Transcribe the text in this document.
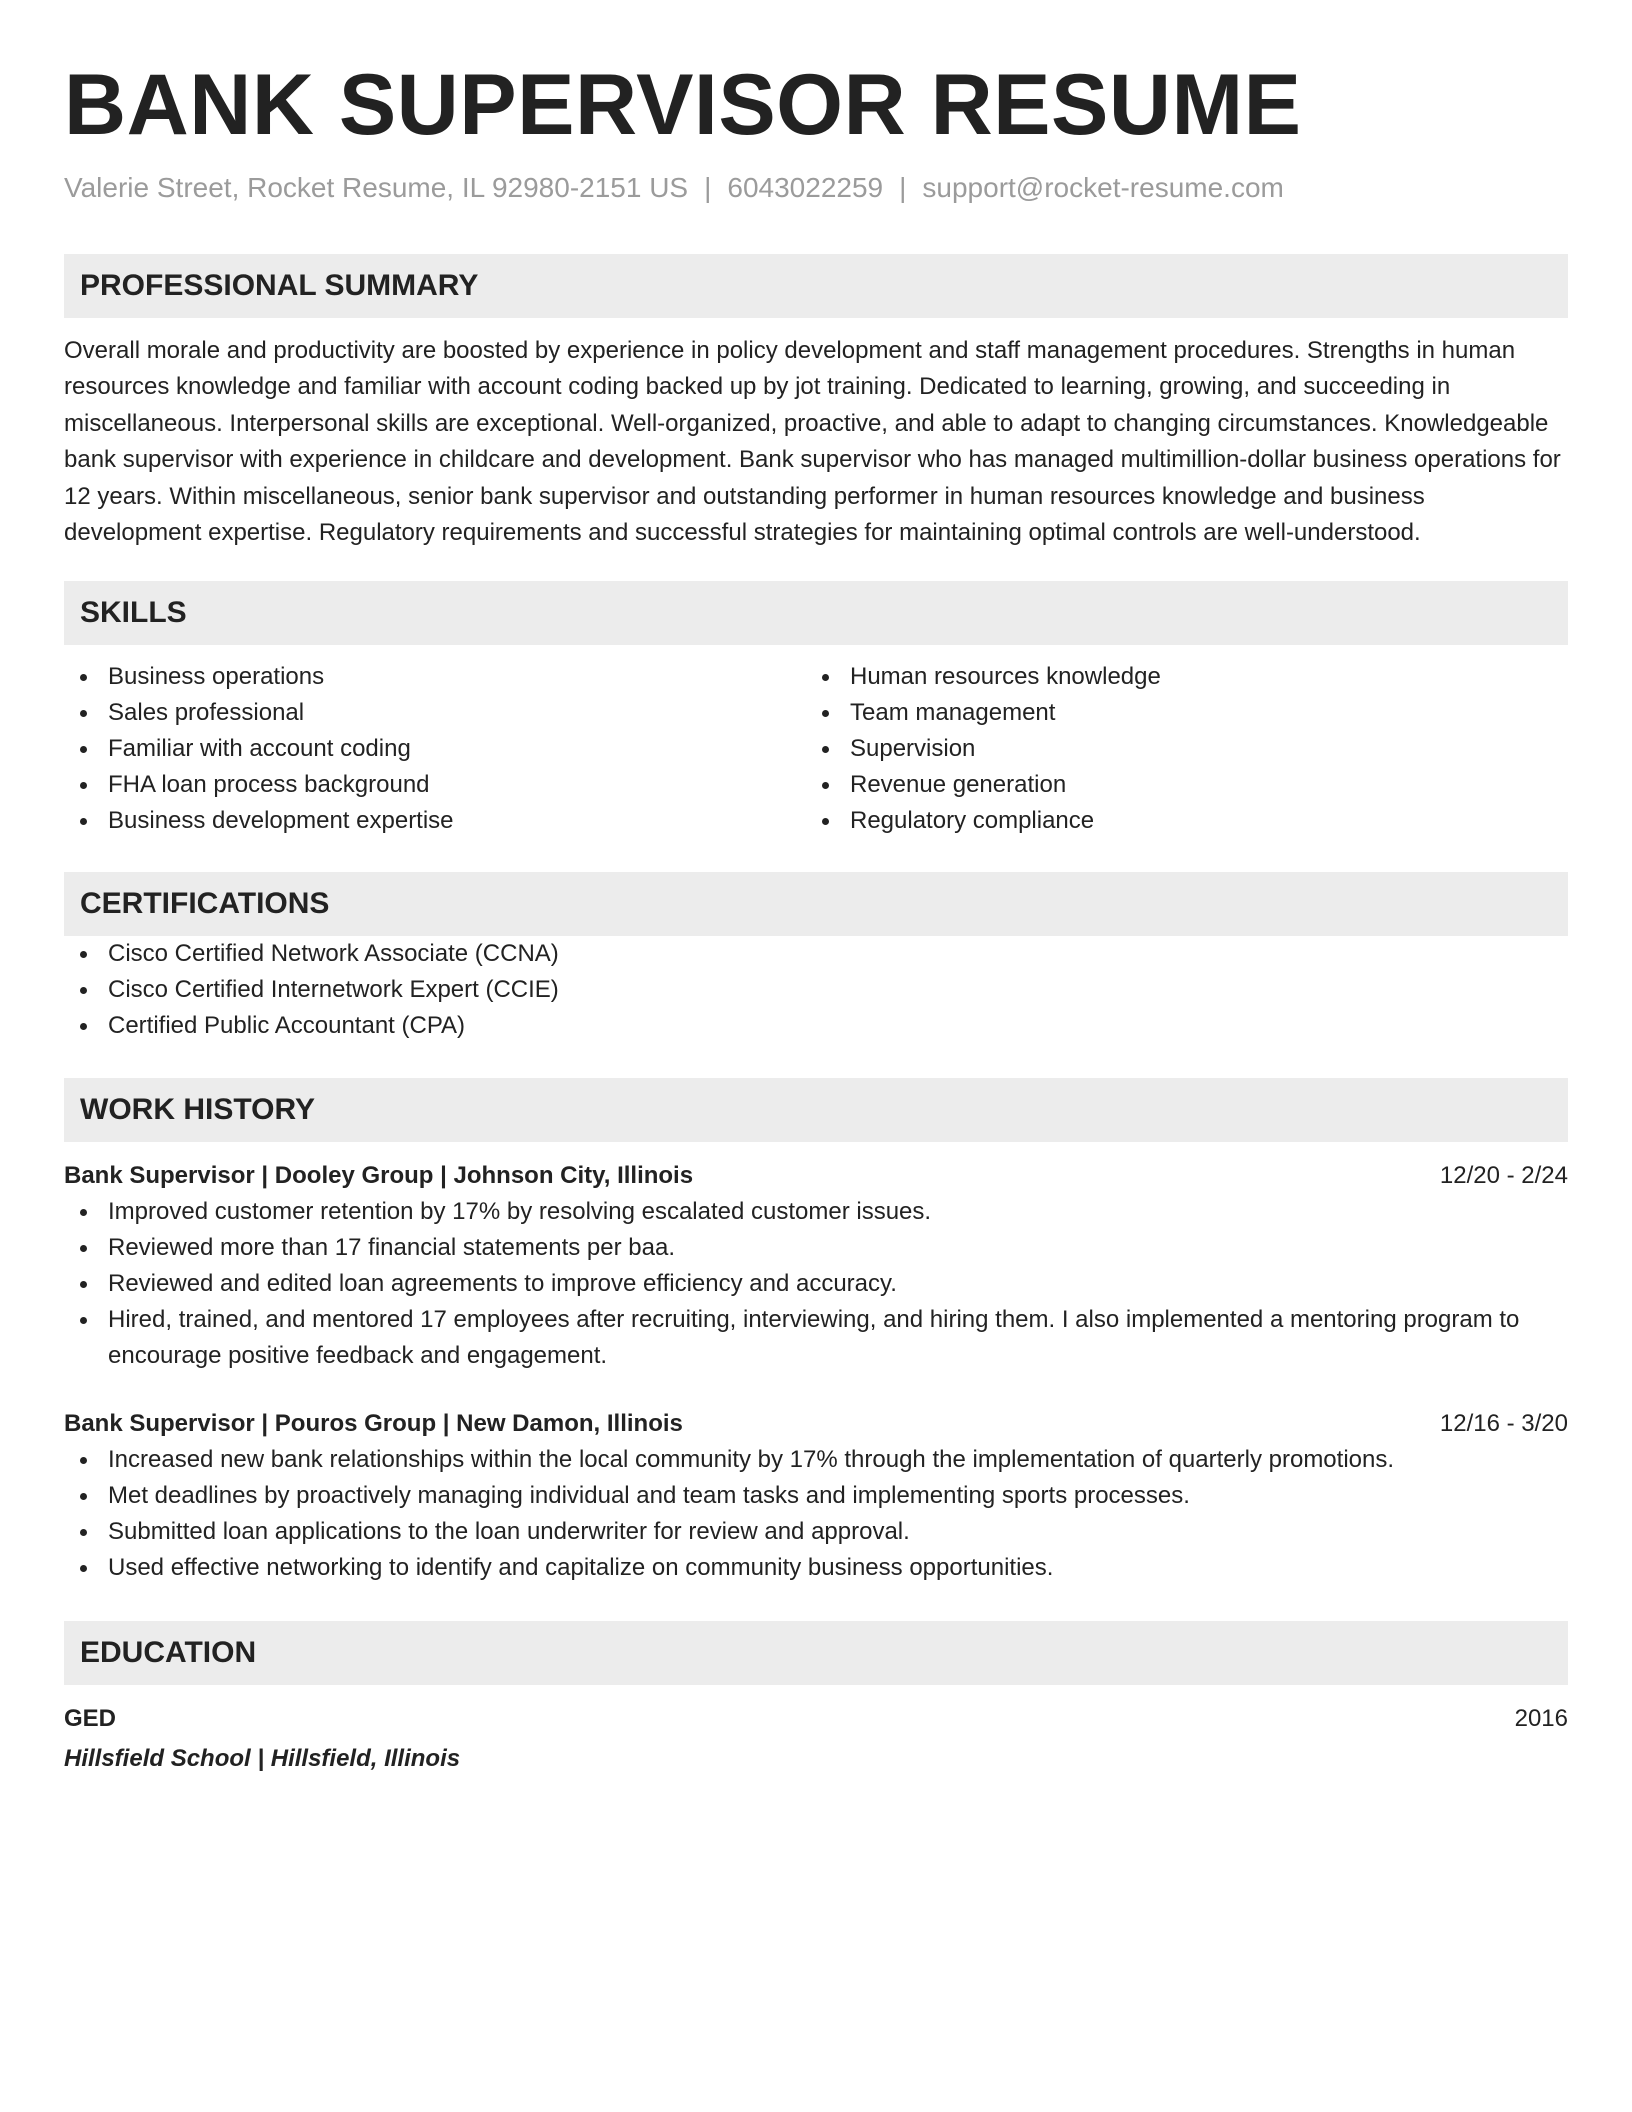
BANK SUPERVISOR RESUME
Valerie Street, Rocket Resume, IL 92980-2151 US | 6043022259 | support@rocket-resume.com
PROFESSIONAL SUMMARY

Overall morale and productivity are boosted by experience in policy development and staff management procedures. Strengths in human resources knowledge and familiar with account coding backed up by jot training. Dedicated to learning, growing, and succeeding in miscellaneous. Interpersonal skills are exceptional. Well-organized, proactive, and able to adapt to changing circumstances. Knowledgeable bank supervisor with experience in childcare and development. Bank supervisor who has managed multimillion-dollar business operations for 12 years. Within miscellaneous, senior bank supervisor and outstanding performer in human resources knowledge and business development expertise. Regulatory requirements and successful strategies for maintaining optimal controls are well-understood.

SKILLS
Business operations
Sales professional
Familiar with account coding
FHA loan process background
Business development expertise
Human resources knowledge
Team management
Supervision
Revenue generation
Regulatory compliance
CERTIFICATIONS
Cisco Certified Network Associate (CCNA)
Cisco Certified Internetwork Expert (CCIE)
Certified Public Accountant (CPA)
WORK HISTORY
Bank Supervisor | Dooley Group | Johnson City, Illinois	12/20 - 2/24
Improved customer retention by 17% by resolving escalated customer issues.
Reviewed more than 17 financial statements per baa.
Reviewed and edited loan agreements to improve efficiency and accuracy.
Hired, trained, and mentored 17 employees after recruiting, interviewing, and hiring them. I also implemented a mentoring program to encourage positive feedback and engagement.
Bank Supervisor | Pouros Group | New Damon, Illinois	12/16 - 3/20
Increased new bank relationships within the local community by 17% through the implementation of quarterly promotions.
Met deadlines by proactively managing individual and team tasks and implementing sports processes.
Submitted loan applications to the loan underwriter for review and approval.
Used effective networking to identify and capitalize on community business opportunities.
EDUCATION
GED	2016
Hillsfield School | Hillsfield, Illinois
